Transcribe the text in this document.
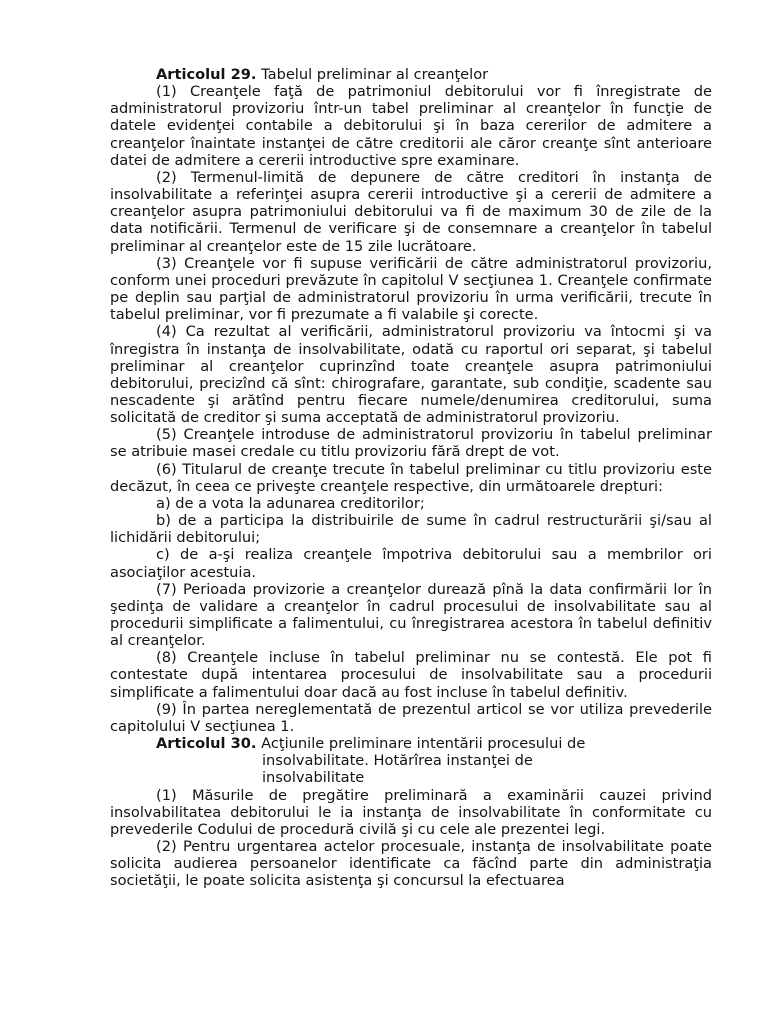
Articolul 29. Tabelul preliminar al creanţelor

(1) Creanţele faţă de patrimoniul debitorului vor fi înregistrate de administratorul provizoriu într-un tabel preliminar al creanţelor în funcţie de datele evidenţei contabile a debitorului şi în baza cererilor de admitere a creanţelor înaintate instanţei de către creditorii ale căror creanţe sînt anterioare datei de admitere a cererii introductive spre examinare.

(2) Termenul-limită de depunere de către creditori în instanţa de insolvabilitate a referinţei asupra cererii introductive şi a cererii de admitere a creanţelor asupra patrimoniului debitorului va fi de maximum 30 de zile de la data notificării. Termenul de verificare şi de consemnare a creanţelor în tabelul preliminar al creanţelor este de 15 zile lucrătoare.

(3) Creanţele vor fi supuse verificării de către administratorul provizoriu, conform unei proceduri prevăzute în capitolul V secţiunea 1. Creanţele confirmate pe deplin sau parţial de administratorul provizoriu în urma verificării, trecute în tabelul preliminar, vor fi prezumate a fi valabile şi corecte.

(4) Ca rezultat al verificării, administratorul provizoriu va întocmi şi va înregistra în instanţa de insolvabilitate, odată cu raportul ori separat, şi tabelul preliminar al creanţelor cuprinzînd toate creanţele asupra patrimoniului debitorului, precizînd că sînt: chirografare, garantate, sub condiţie, scadente sau nescadente şi arătînd pentru fiecare numele/denumirea creditorului, suma solicitată de creditor şi suma acceptată de administratorul provizoriu.

(5) Creanţele introduse de administratorul provizoriu în tabelul preliminar se atribuie masei credale cu titlu provizoriu fără drept de vot.

(6) Titularul de creanţe trecute în tabelul preliminar cu titlu provizoriu este decăzut, în ceea ce priveşte creanţele respective, din următoarele drepturi:

a) de a vota la adunarea creditorilor;

b) de a participa la distribuirile de sume în cadrul restructurării şi/sau al lichidării debitorului;

c) de a-şi realiza creanţele împotriva debitorului sau a membrilor ori asociaţilor acestuia.

(7) Perioada provizorie a creanţelor durează pînă la data confirmării lor în şedinţa de validare a creanţelor în cadrul procesului de insolvabilitate sau al procedurii simplificate a falimentului, cu înregistrarea acestora în tabelul definitiv al creanţelor.

(8) Creanţele incluse în tabelul preliminar nu se contestă. Ele pot fi contestate după intentarea procesului de insolvabilitate sau a procedurii simplificate a falimentului doar dacă au fost incluse în tabelul definitiv.

(9) În partea nereglementată de prezentul articol se vor utiliza prevederile capitolului V secţiunea 1.

Articolul 30. Acţiunile preliminare intentării procesului de insolvabilitate. Hotărîrea instanţei de insolvabilitate

(1) Măsurile de pregătire preliminară a examinării cauzei privind insolvabilitatea debitorului le ia instanţa de insolvabilitate în conformitate cu prevederile Codului de procedură civilă şi cu cele ale prezentei legi.

(2) Pentru urgentarea actelor procesuale, instanţa de insolvabilitate poate solicita audierea persoanelor identificate ca făcînd parte din administraţia societăţii, le poate solicita asistenţa şi concursul la efectuarea
